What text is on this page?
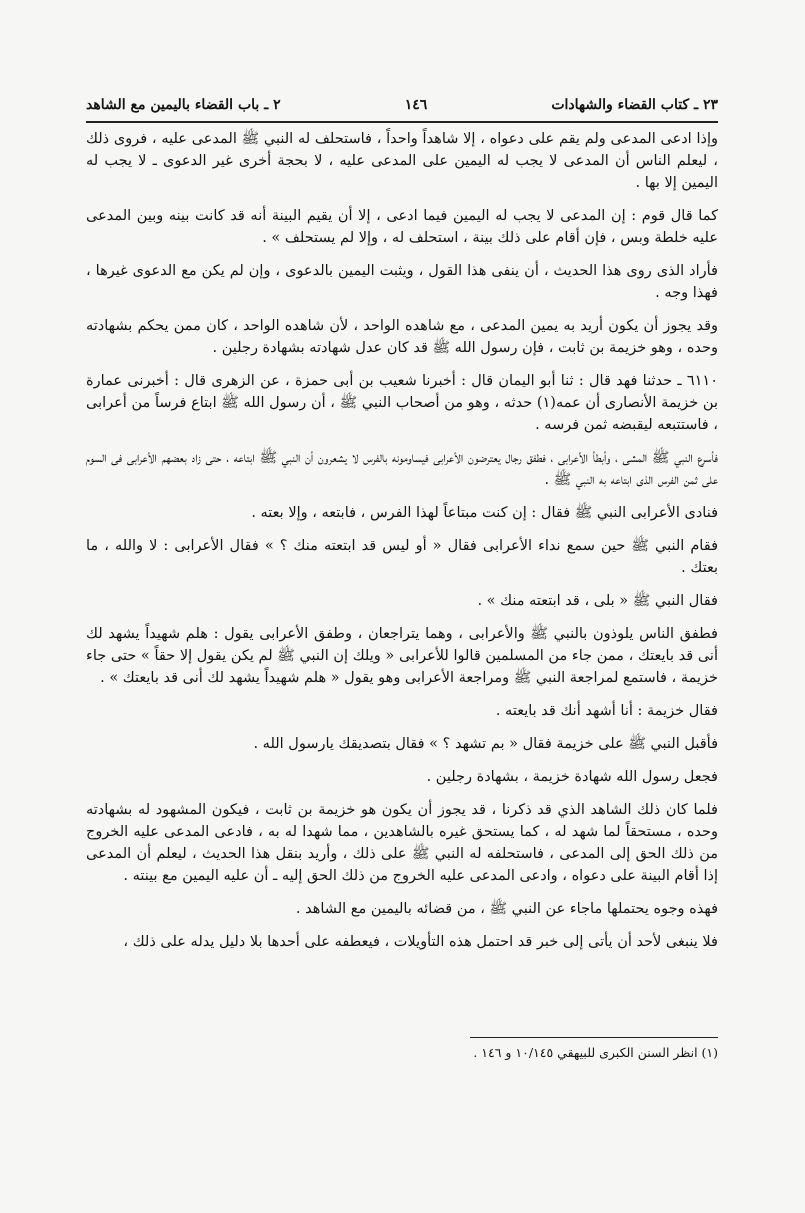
٢٣ ـ كتاب القضاء والشهادات
١٤٦
٢ ـ باب القضاء باليمين مع الشاهد

وإذا ادعى المدعى ولم يقم على دعواه ، إلا شاهداً واحداً ، فاستحلف له النبي ﷺ المدعى عليه ، فروى ذلك ، ليعلم الناس أن المدعى لا يجب له اليمين على المدعى عليه ، لا بحجة أخرى غير الدعوى ـ لا يجب له اليمين إلا بها .

كما قال قوم : إن المدعى لا يجب له اليمين فيما ادعى ، إلا أن يقيم البينة أنه قد كانت بينه وبين المدعى عليه خلطة وبس ، فإن أقام على ذلك بينة ، استحلف له ، وإلا لم يستحلف » .

فأراد الذى روى هذا الحديث ، أن ينفى هذا القول ، ويثبت اليمين بالدعوى ، وإن لم يكن مع الدعوى غيرها ، فهذا وجه .

وقد يجوز أن يكون أريد به يمين المدعى ، مع شاهده الواحد ، لأن شاهده الواحد ، كان ممن يحكم بشهادته وحده ، وهو خزيمة بن ثابت ، فإن رسول الله ﷺ قد كان عدل شهادته بشهادة رجلين .

٦١١٠ ـ حدثنا فهد قال : ثنا أبو اليمان قال : أخبرنا شعيب بن أبى حمزة ، عن الزهرى قال : أخبرنى عمارة بن خزيمة الأنصارى أن عمه(١) حدثه ، وهو من أصحاب النبي ﷺ ، أن رسول الله ﷺ ابتاع فرساً من أعرابى ، فاستتبعه ليقبضه ثمن فرسه .

فأسرع النبي ﷺ المشى ، وأبطأ الأعرابى ، فطفق رجال يعترضون الأعرابى فيساومونه بالفرس لا يشعرون أن النبي ﷺ ابتاعه ، حتى زاد بعضهم الأعرابى فى السوم على ثمن الفرس الذى ابتاعه به النبي ﷺ .

فنادى الأعرابى النبي ﷺ فقال : إن كنت مبتاعاً لهذا الفرس ، فابتعه ، وإلا بعته .

فقام النبي ﷺ حين سمع نداء الأعرابى فقال « أو ليس قد ابتعته منك ؟ » فقال الأعرابى : لا والله ، ما بعتك .

فقال النبي ﷺ « بلى ، قد ابتعته منك » .

فطفق الناس يلوذون بالنبي ﷺ والأعرابى ، وهما يتراجعان ، وطفق الأعرابى يقول : هلم شهيداً يشهد لك أنى قد بايعتك ، ممن جاء من المسلمين قالوا للأعرابى « ويلك إن النبي ﷺ لم يكن يقول إلا حقاً » حتى جاء خزيمة ، فاستمع لمراجعة النبي ﷺ ومراجعة الأعرابى وهو يقول « هلم شهيداً يشهد لك أنى قد بايعتك » .

فقال خزيمة : أنا أشهد أنك قد بايعته .

فأقبل النبي ﷺ على خزيمة فقال « بم تشهد ؟ » فقال بتصديقك يارسول الله .

فجعل رسول الله شهادة خزيمة ، بشهادة رجلين .

فلما كان ذلك الشاهد الذي قد ذكرنا ، قد يجوز أن يكون هو خزيمة بن ثابت ، فيكون المشهود له بشهادته وحده ، مستحقاً لما شهد له ، كما يستحق غيره بالشاهدين ، مما شهدا له به ، فادعى المدعى عليه الخروج من ذلك الحق إلى المدعى ، فاستحلفه له النبي ﷺ على ذلك ، وأريد بنقل هذا الحديث ، ليعلم أن المدعى إذا أقام البينة على دعواه ، وادعى المدعى عليه الخروج من ذلك الحق إليه ـ أن عليه اليمين مع بينته .

فهذه وجوه يحتملها ماجاء عن النبي ﷺ ، من قضائه باليمين مع الشاهد .

فلا ينبغى لأحد أن يأتى إلى خبر قد احتمل هذه التأويلات ، فيعطفه على أحدها بلا دليل يدله على ذلك ،

(١) انظر السنن الكبرى للبيهقي ١٠/١٤٥ و ١٤٦ .
